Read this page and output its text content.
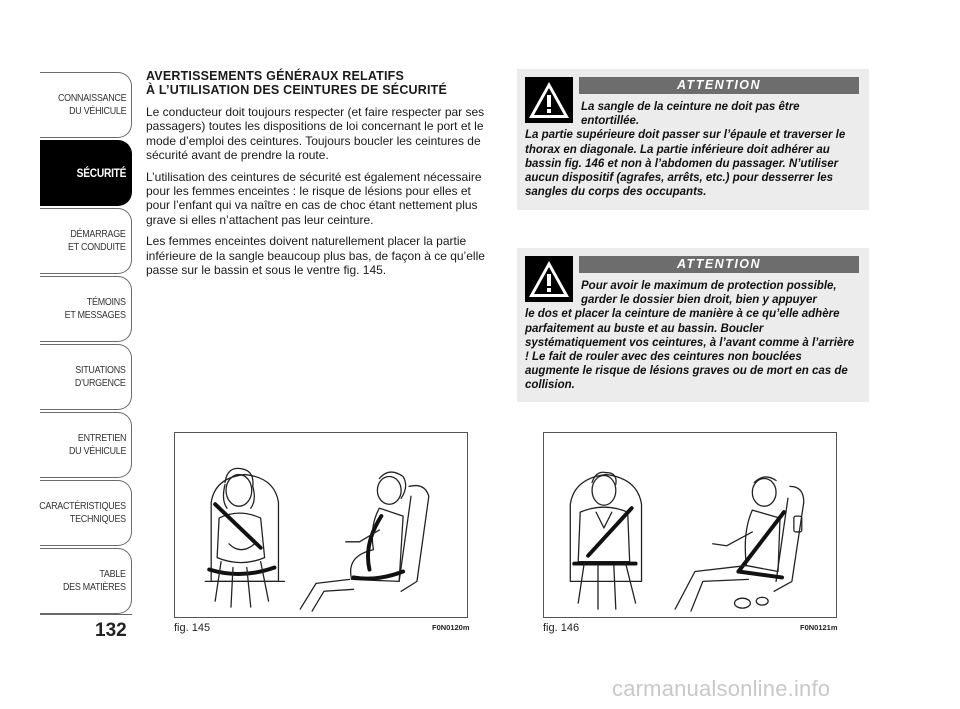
CONNAISSANCE
DU VÉHICULE
SÉCURITÉ
DÉMARRAGE
ET CONDUITE
TÉMOINS
ET MESSAGES
SITUATIONS
D’URGENCE
ENTRETIEN
DU VÉHICULE
CARACTÉRISTIQUES
TECHNIQUES
TABLE
DES MATIÈRES
132
AVERTISSEMENTS GÉNÉRAUX RELATIFS
À L’UTILISATION DES CEINTURES DE SÉCURITÉ

Le conducteur doit toujours respecter (et faire respecter par ses passagers) toutes les dispositions de loi concernant le port et le mode d’emploi des ceintures. Toujours boucler les ceintures de sécurité avant de prendre la route.

L’utilisation des ceintures de sécurité est également nécessaire pour les femmes enceintes : le risque de lésions pour elles et pour l’enfant qui va naître en cas de choc étant nettement plus grave si elles n’attachent pas leur ceinture.

Les femmes enceintes doivent naturellement placer la partie inférieure de la sangle beaucoup plus bas, de façon à ce qu’elle passe sur le bassin et sous le ventre fig. 145.

ATTENTION
La sangle de la ceinture ne doit pas être entortillée.
La partie supérieure doit passer sur l’épaule et traverser le thorax en diagonale. La partie inférieure doit adhérer au bassin fig. 146 et non à l’abdomen du passager. N’utiliser aucun dispositif (agrafes, arrêts, etc.) pour desserrer les sangles du corps des occupants.
ATTENTION
Pour avoir le maximum de protection possible, garder le dossier bien droit, bien y appuyer
le dos et placer la ceinture de manière à ce qu’elle adhère parfaitement au buste et au bassin. Boucler systématiquement vos ceintures, à l’avant comme à l’arrière ! Le fait de rouler avec des ceintures non bouclées augmente le risque de lésions graves ou de mort en cas de collision.
fig. 145	F0N0120m	fig. 146	F0N0121m
carmanualsonline.info
